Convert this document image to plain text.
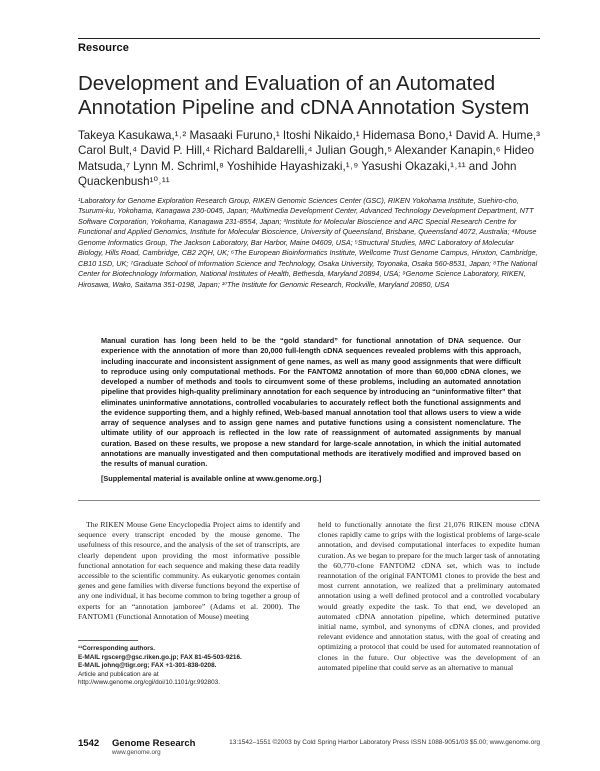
Resource
Development and Evaluation of an Automated Annotation Pipeline and cDNA Annotation System
Takeya Kasukawa,¹˒² Masaaki Furuno,¹ Itoshi Nikaido,¹ Hidemasa Bono,¹ David A. Hume,³ Carol Bult,⁴ David P. Hill,⁴ Richard Baldarelli,⁴ Julian Gough,⁵ Alexander Kanapin,⁶ Hideo Matsuda,⁷ Lynn M. Schriml,⁸ Yoshihide Hayashizaki,¹˒⁹ Yasushi Okazaki,¹˒¹¹ and John Quackenbush¹⁰˒¹¹
¹Laboratory for Genome Exploration Research Group, RIKEN Genomic Sciences Center (GSC), RIKEN Yokohama Institute, Suehiro-cho, Tsurumi-ku, Yokohama, Kanagawa 230-0045, Japan; ²Multimedia Development Center, Advanced Technology Development Department, NTT Software Corporation, Yokohama, Kanagawa 231-8554, Japan; ³Institute for Molecular Bioscience and ARC Special Research Centre for Functional and Applied Genomics, Institute for Molecular Bioscience, University of Queensland, Brisbane, Queensland 4072, Australia; ⁴Mouse Genome Informatics Group, The Jackson Laboratory, Bar Harbor, Maine 04609, USA; ⁵Structural Studies, MRC Laboratory of Molecular Biology, Hills Road, Cambridge, CB2 2QH, UK; ⁶The European Bioinformatics Institute, Wellcome Trust Genome Campus, Hinxton, Cambridge, CB10 1SD, UK; ⁷Graduate School of Information Science and Technology, Osaka University, Toyonaka, Osaka 560-8531, Japan; ⁸The National Center for Biotechnology Information, National Institutes of Health, Bethesda, Maryland 20894, USA; ⁹Genome Science Laboratory, RIKEN, Hirosawa, Wako, Saitama 351-0198, Japan; ¹⁰The Institute for Genomic Research, Rockville, Maryland 20850, USA
Manual curation has long been held to be the “gold standard” for functional annotation of DNA sequence. Our experience with the annotation of more than 20,000 full-length cDNA sequences revealed problems with this approach, including inaccurate and inconsistent assignment of gene names, as well as many good assignments that were difficult to reproduce using only computational methods. For the FANTOM2 annotation of more than 60,000 cDNA clones, we developed a number of methods and tools to circumvent some of these problems, including an automated annotation pipeline that provides high-quality preliminary annotation for each sequence by introducing an “uninformative filter” that eliminates uninformative annotations, controlled vocabularies to accurately reflect both the functional assignments and the evidence supporting them, and a highly refined, Web-based manual annotation tool that allows users to view a wide array of sequence analyses and to assign gene names and putative functions using a consistent nomenclature. The ultimate utility of our approach is reflected in the low rate of reassignment of automated assignments by manual curation. Based on these results, we propose a new standard for large-scale annotation, in which the initial automated annotations are manually investigated and then computational methods are iteratively modified and improved based on the results of manual curation.
[Supplemental material is available online at www.genome.org.]

The RIKEN Mouse Gene Encyclopedia Project aims to identify and sequence every transcript encoded by the mouse genome. The usefulness of this resource, and the analysis of the set of transcripts, are clearly dependent upon providing the most informative possible functional annotation for each sequence and making these data readily accessible to the scientific community. As eukaryotic genomes contain genes and gene families with diverse functions beyond the expertise of any one individual, it has become common to bring together a group of experts for an “annotation jamboree” (Adams et al. 2000). The FANTOM1 (Functional Annotation of Mouse) meeting

held to functionally annotate the first 21,076 RIKEN mouse cDNA clones rapidly came to grips with the logistical problems of large-scale annotation, and devised computational interfaces to expedite human curation. As we began to prepare for the much larger task of annotating the 60,770-clone FANTOM2 cDNA set, which was to include reannotation of the original FANTOM1 clones to provide the best and most current annotation, we realized that a preliminary automated annotation using a well defined protocol and a controlled vocabulary would greatly expedite the task. To that end, we developed an automated cDNA annotation pipeline, which determined putative initial name, symbol, and synonyms of cDNA clones, and provided relevant evidence and annotation status, with the goal of creating and optimizing a protocol that could be used for automated reannotation of clones in the future. Our objective was the development of an automated pipeline that could serve as an alternative to manual

¹¹Corresponding authors.
E-MAIL rgscerg@gsc.riken.go.jp; FAX 81-45-503-9216.
E-MAIL johnq@tigr.org; FAX +1-301-838-0208.
Article and publication are at http://www.genome.org/cgi/doi/10.1101/gr.992803.
1542 Genome Research
www.genome.org
13:1542–1551 ©2003 by Cold Spring Harbor Laboratory Press ISSN 1088-9051/03 $5.00; www.genome.org
